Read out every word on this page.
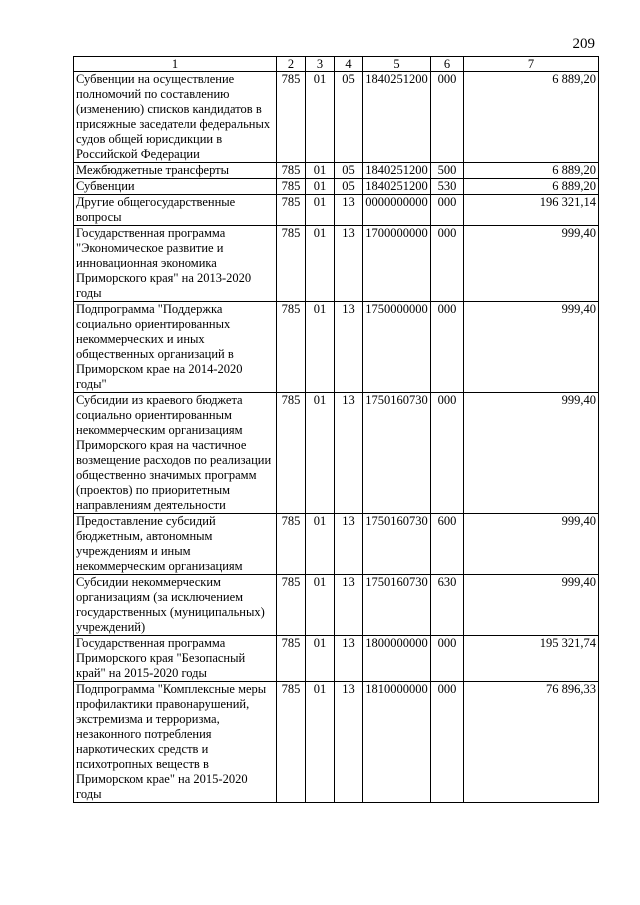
209
1	2	3	4	5	6	7
Субвенции на осуществление полномочий по составлению (изменению) списков кандидатов в присяжные заседатели федеральных судов общей юрисдикции в Российской Федерации	785	01	05	1840251200	000	6 889,20
Межбюджетные трансферты	785	01	05	1840251200	500	6 889,20
Субвенции	785	01	05	1840251200	530	6 889,20
Другие общегосударственные вопросы	785	01	13	0000000000	000	196 321,14
Государственная программа "Экономическое развитие и инновационная экономика Приморского края" на 2013-2020 годы	785	01	13	1700000000	000	999,40
Подпрограмма "Поддержка социально ориентированных некоммерческих и иных общественных организаций в Приморском крае на 2014-2020 годы"	785	01	13	1750000000	000	999,40
Субсидии из краевого бюджета социально ориентированным некоммерческим организациям Приморского края на частичное возмещение расходов по реализации общественно значимых программ (проектов) по приоритетным направлениям деятельности	785	01	13	1750160730	000	999,40
Предоставление субсидий бюджетным, автономным учреждениям и иным некоммерческим организациям	785	01	13	1750160730	600	999,40
Субсидии некоммерческим организациям (за исключением государственных (муниципальных) учреждений)	785	01	13	1750160730	630	999,40
Государственная программа Приморского края "Безопасный край" на 2015-2020 годы	785	01	13	1800000000	000	195 321,74
Подпрограмма "Комплексные меры профилактики правонарушений, экстремизма и терроризма, незаконного потребления наркотических средств и психотропных веществ в Приморском крае" на 2015-2020 годы	785	01	13	1810000000	000	76 896,33
